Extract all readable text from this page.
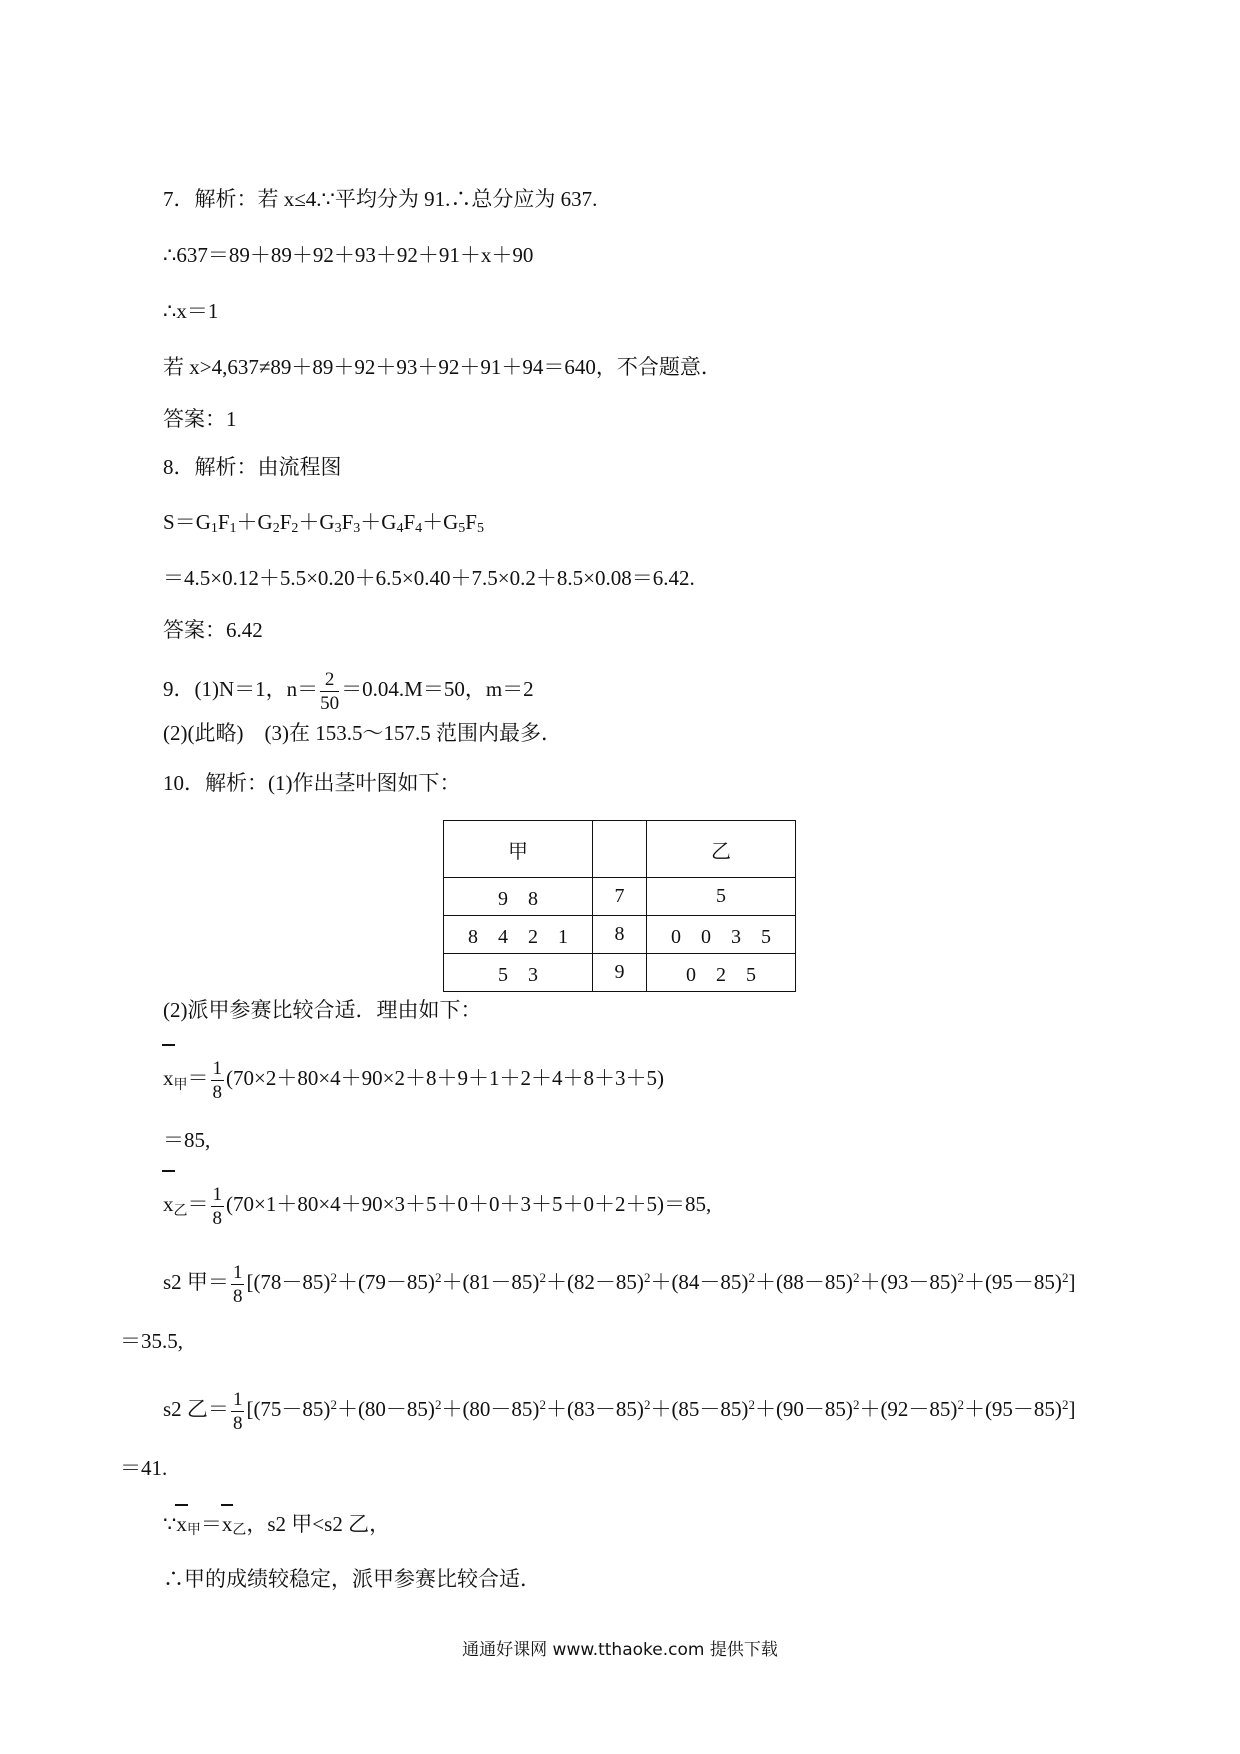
7．解析：若 x≤4.∵平均分为 91.∴总分应为 637.
∴637＝89＋89＋92＋93＋92＋91＋x＋90
∴x＝1
若 x>4,637≠89＋89＋92＋93＋92＋91＋94＝640，不合题意．
答案：1
8．解析：由流程图
$S=G_1F_1+G_2F_2+G_3F_3+G_4F_4+G_5F_5$
＝4.5×0.12＋5.5×0.20＋6.5×0.40＋7.5×0.2＋8.5×0.08＝6.42.
答案：6.42
9．(1)N＝1，$n= \frac{2}{50} =0.04.M=50$，m＝2
(2)(此略)　(3)在 153.5～157.5 范围内最多．
10．解析：(1)作出茎叶图如下：
甲		乙
9　8	7	5
8　4　2　1	8	0　0　3　5
5　3	9	0　2　5
(2)派甲参赛比较合适．理由如下：
x甲＝ $\frac{1}{8} (70\times 2+80\times 4+90\times 2+8+9+1+2+4+8+3+5)$
＝85,
x乙＝ $\frac{1}{8} (70\times 1+80\times 4+90\times 3+5+0+0+3+5+0+2+5)=85$,
s2 甲＝ $\frac{1}{8} [(78-85)^2+(79-85)^2+(81-85)^2+(82-85)^2+(84-85)^2+(88-85)^2+(93-85)^2+(95-85)^2]$
＝35.5,
s2 乙＝ $\frac{1}{8} [(75-85)^2+(80-85)^2+(80-85)^2+(83-85)^2+(85-85)^2+(90-85)^2+(92-85)^2+(95-85)^2]$
＝41.
$\because x_甲=x_乙$，s2 甲<s2 乙，
∴甲的成绩较稳定，派甲参赛比较合适．
通通好课网 www.tthaoke.com 提供下载
